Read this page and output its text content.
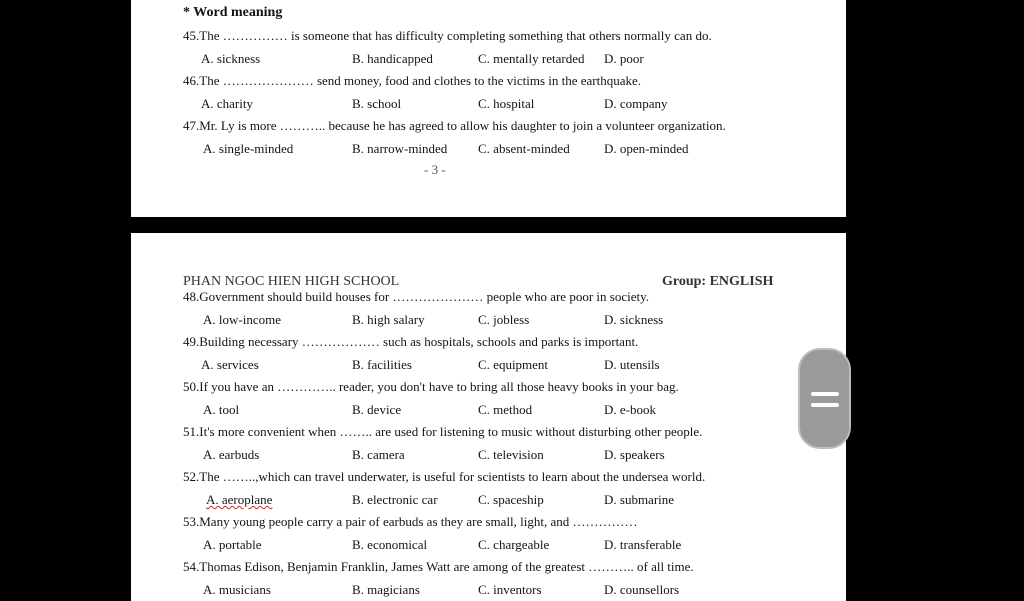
* Word meaning
45.The …………… is someone that has difficulty completing something that others normally can do.
A. sickness	B. handicapped	C. mentally retarded D. poor
46.The ………………… send money, food and clothes to the victims in the earthquake.
A. charity	B. school	C. hospital	D. company
47.Mr. Ly is more ……….. because he has agreed to allow his daughter to join a volunteer organization.
A. single-minded	B. narrow-minded C. absent-minded	D. open-minded
- 3 -
PHAN NGOC HIEN HIGH SCHOOL	Group: ENGLISH
48.Government should build houses for ………………… people who are poor in society.
A. low-income	B. high salary	C. jobless	D. sickness
49.Building necessary ……………… such as hospitals, schools and parks is important.
A. services	B. facilities	C. equipment	D. utensils
50.If you have an ………….. reader, you don't have to bring all those heavy books in your bag.
A. tool	B. device	C. method	D. e-book
51.It's more convenient when …….. are used for listening to music without disturbing other people.
A. earbuds	B. camera	C. television	D. speakers
52.The ……..,which can travel underwater, is useful for scientists to learn about the undersea world.
A. aeroplane	B. electronic car	C. spaceship	D. submarine
53.Many young people carry a pair of earbuds as they are small, light, and ……………
A. portable	B. economical	C. chargeable	D. transferable
54.Thomas Edison, Benjamin Franklin, James Watt are among of the greatest ……….. of all time.
A. musicians	B. magicians	C. inventors	D. counsellors
